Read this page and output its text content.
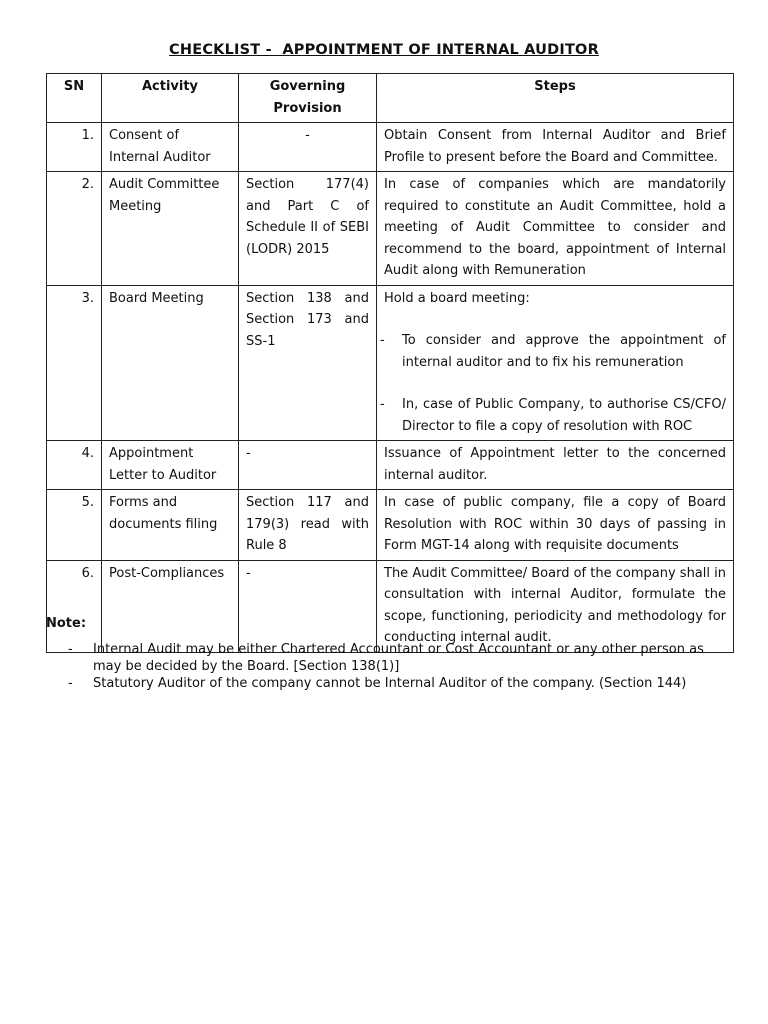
CHECKLIST -  APPOINTMENT OF INTERNAL AUDITOR
SN	Activity	Governing Provision	Steps
1.	Consent of Internal Auditor	-	Obtain Consent from Internal Auditor and Brief Profile to present before the Board and Committee.
2.	Audit Committee Meeting	Section 177(4) and Part C of Schedule II of SEBI (LODR) 2015	In case of companies which are mandatorily required to constitute an Audit Committee, hold a meeting of Audit Committee to consider and recommend to the board, appointment of Internal Audit along with Remuneration
3.	Board Meeting	Section 138 and Section 173 and SS-1	Hold a board meeting:
- To consider and approve the appointment of internal auditor and to fix his remuneration
- In, case of Public Company, to authorise CS/CFO/ Director to file a copy of resolution with ROC

4.	Appointment Letter to Auditor	-	Issuance of Appointment letter to the concerned internal auditor.
5.	Forms and documents filing	Section 117 and 179(3) read with Rule 8	In case of public company, file a copy of Board Resolution with ROC within 30 days of passing in Form MGT-14 along with requisite documents
6.	Post-Compliances	-	The Audit Committee/ Board of the company shall in consultation with internal Auditor, formulate the scope, functioning, periodicity and methodology for conducting internal audit.
Note:
-	Internal Audit may be either Chartered Accountant or Cost Accountant or any other person as may be decided by the Board. [Section 138(1)]
-	Statutory Auditor of the company cannot be Internal Auditor of the company. (Section 144)
